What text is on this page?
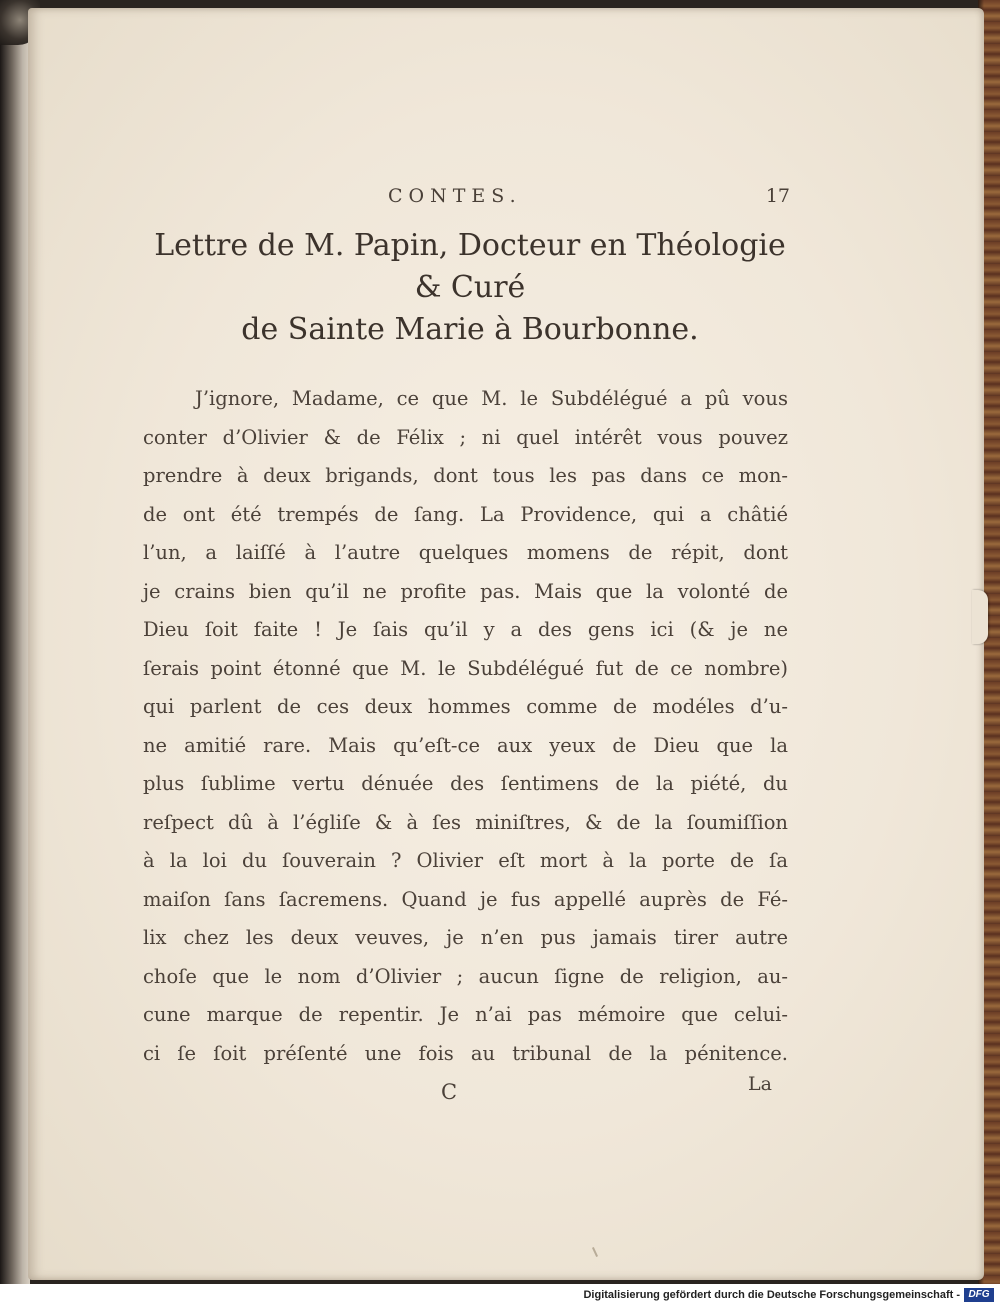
CONTES.	17
Lettre de M. Papin, Docteur en Théologie & Curé
de Sainte Marie à Bourbonne.
J’ignore, Madame, ce que M. le Subdélégué a pû vous
conter d’Olivier & de Félix ; ni quel intérêt vous pouvez
prendre à deux brigands, dont tous les pas dans ce mon-
de ont été trempés de ſang. La Providence, qui a châtié
l’un, a laiſſé à l’autre quelques momens de répit, dont
je crains bien qu’il ne profite pas. Mais que la volonté de
Dieu ſoit faite ! Je ſais qu’il y a des gens ici (& je ne
ſerais point étonné que M. le Subdélégué fut de ce nombre)
qui parlent de ces deux hommes comme de modéles d’u-
ne amitié rare. Mais qu’eſt-ce aux yeux de Dieu que la
plus ſublime vertu dénuée des ſentimens de la piété, du
reſpect dû à l’égliſe & à ſes miniſtres, & de la ſoumiſſion
à la loi du ſouverain ? Olivier eſt mort à la porte de ſa
maiſon ſans ſacremens. Quand je fus appellé auprès de Fé-
lix chez les deux veuves, je n’en pus jamais tirer autre
choſe que le nom d’Olivier ; aucun ſigne de religion, au-
cune marque de repentir. Je n’ai pas mémoire que celui-
ci ſe ſoit préſenté une fois au tribunal de la pénitence.
C	La
Digitalisierung gefördert durch die Deutsche Forschungsgemeinschaft - DFG
